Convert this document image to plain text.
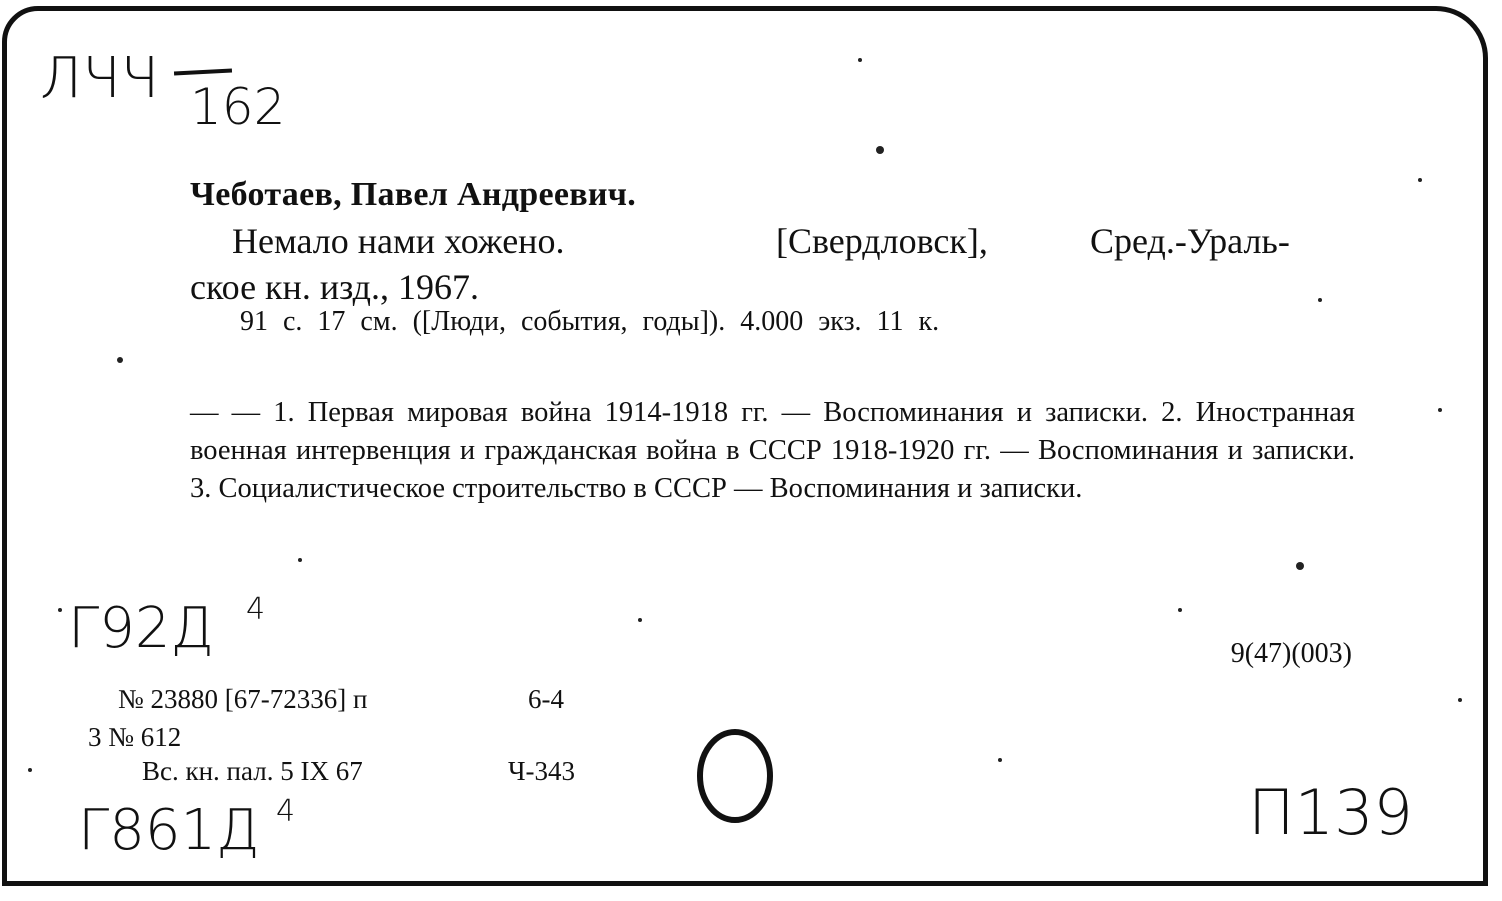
ЛЧЧ 162
Г92Д 4
Г861Д 4	П139
Чеботаев, Павел Андреевич.
Немало нами хожено.	[Свердловск],	Сред.-Ураль-
ское кн. изд., 1967.
91 с. 17 см. ([Люди, события, годы]). 4.000 экз. 11 к.
— — 1. Первая мировая война 1914-1918 гг. — Воспоминания и записки. 2. Иностранная военная интервенция и гражданская война в СССР 1918-1920 гг. — Воспоминания и записки. 3. Социалистическое строительство в СССР — Воспоминания и записки.
9(47)(003)
№ 23880 [67-72336] п	6-4
3 № 612
Вс. кн. пал. 5 IX 67	Ч-343
